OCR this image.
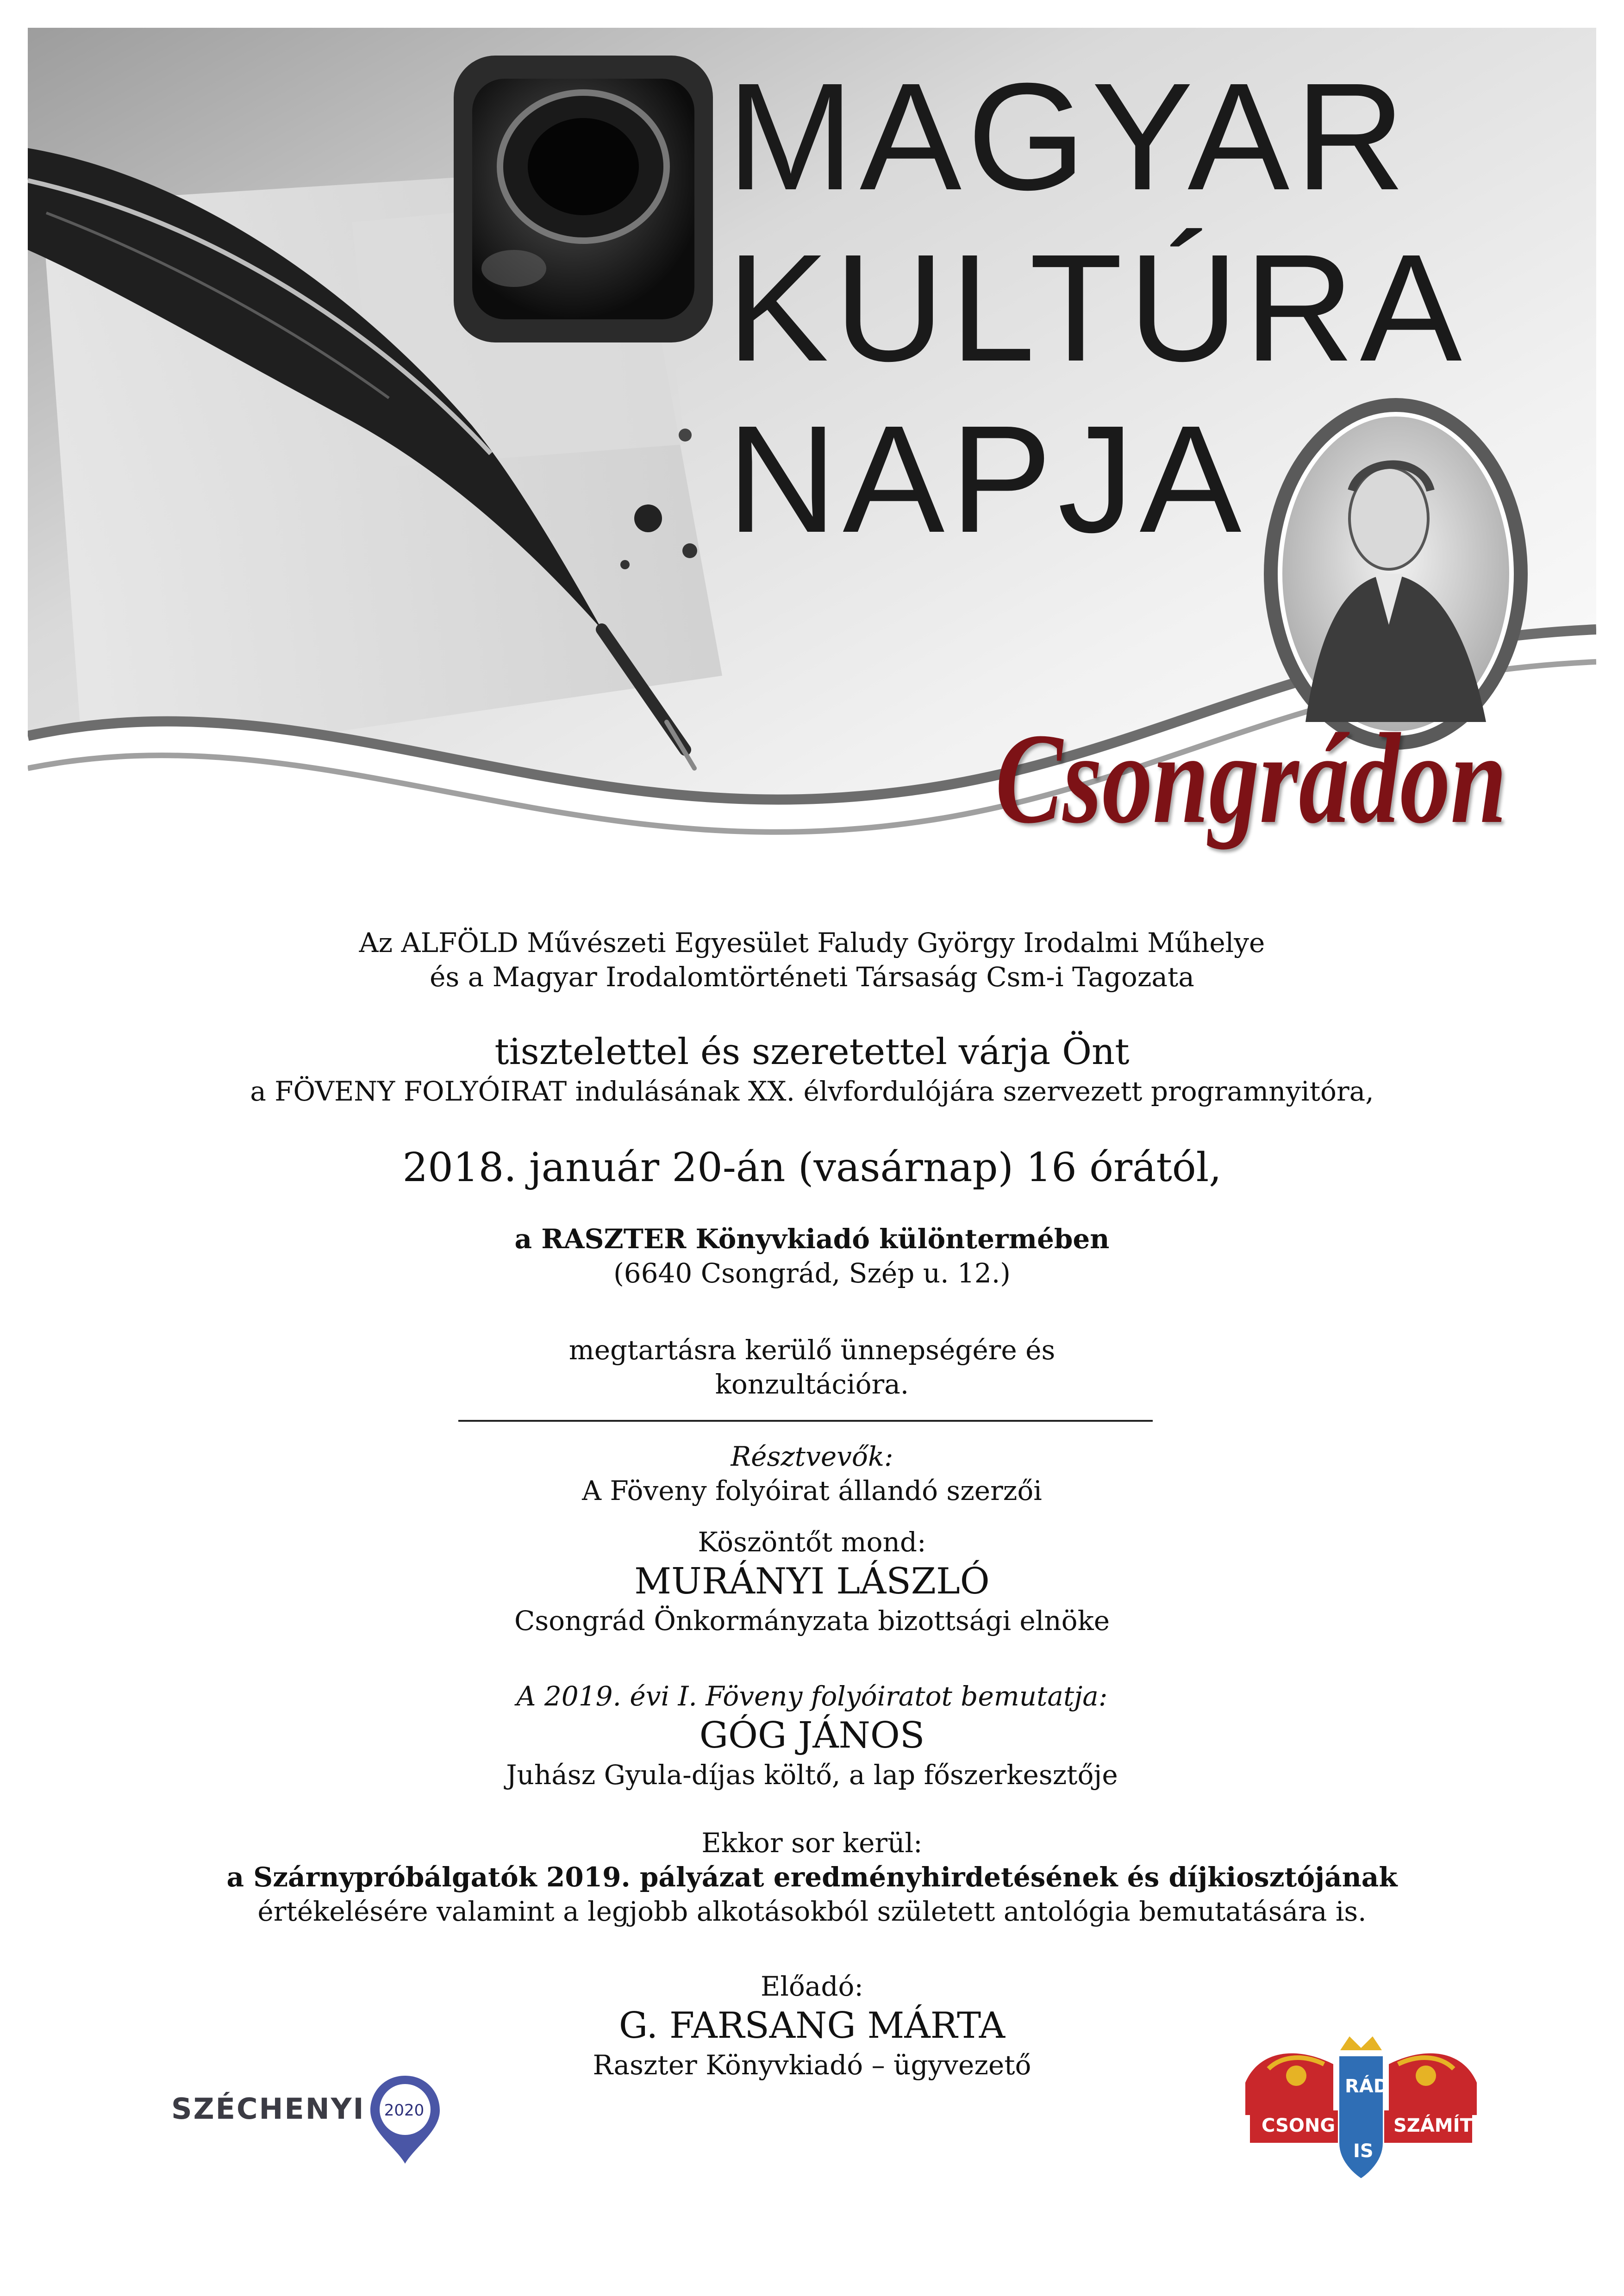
MAGYAR
KULTÚRA
NAPJA
Csongrádon
Az ALFÖLD Művészeti Egyesület Faludy György Irodalmi Műhelye
és a Magyar Irodalomtörténeti Társaság Csm-i Tagozata
tisztelettel és szeretettel várja Önt
a FÖVENY FOLYÓIRAT indulásának XX. élvfordulójára szervezett programnyitóra,
2018. január 20-án (vasárnap) 16 órától,
a RASZTER Könyvkiadó különtermében
(6640 Csongrád, Szép u. 12.)
megtartásra kerülő ünnepségére és
konzultációra.
Résztvevők:
A Föveny folyóirat állandó szerzői
Köszöntőt mond:
MURÁNYI LÁSZLÓ
Csongrád Önkormányzata bizottsági elnöke
A 2019. évi I. Föveny folyóiratot bemutatja:
GÓG JÁNOS
Juhász Gyula-díjas költő, a lap főszerkesztője
Ekkor sor kerül:
a Szárnypróbálgatók 2019. pályázat eredményhirdetésének és díjkiosztójának
értékelésére valamint a legjobb alkotásokból született antológia bemutatására is.
Előadó:
G. FARSANG MÁRTA
Raszter Könyvkiadó – ügyvezető
SZÉCHENYI	2020
CSONG
RÁD
IS
SZÁMÍT
